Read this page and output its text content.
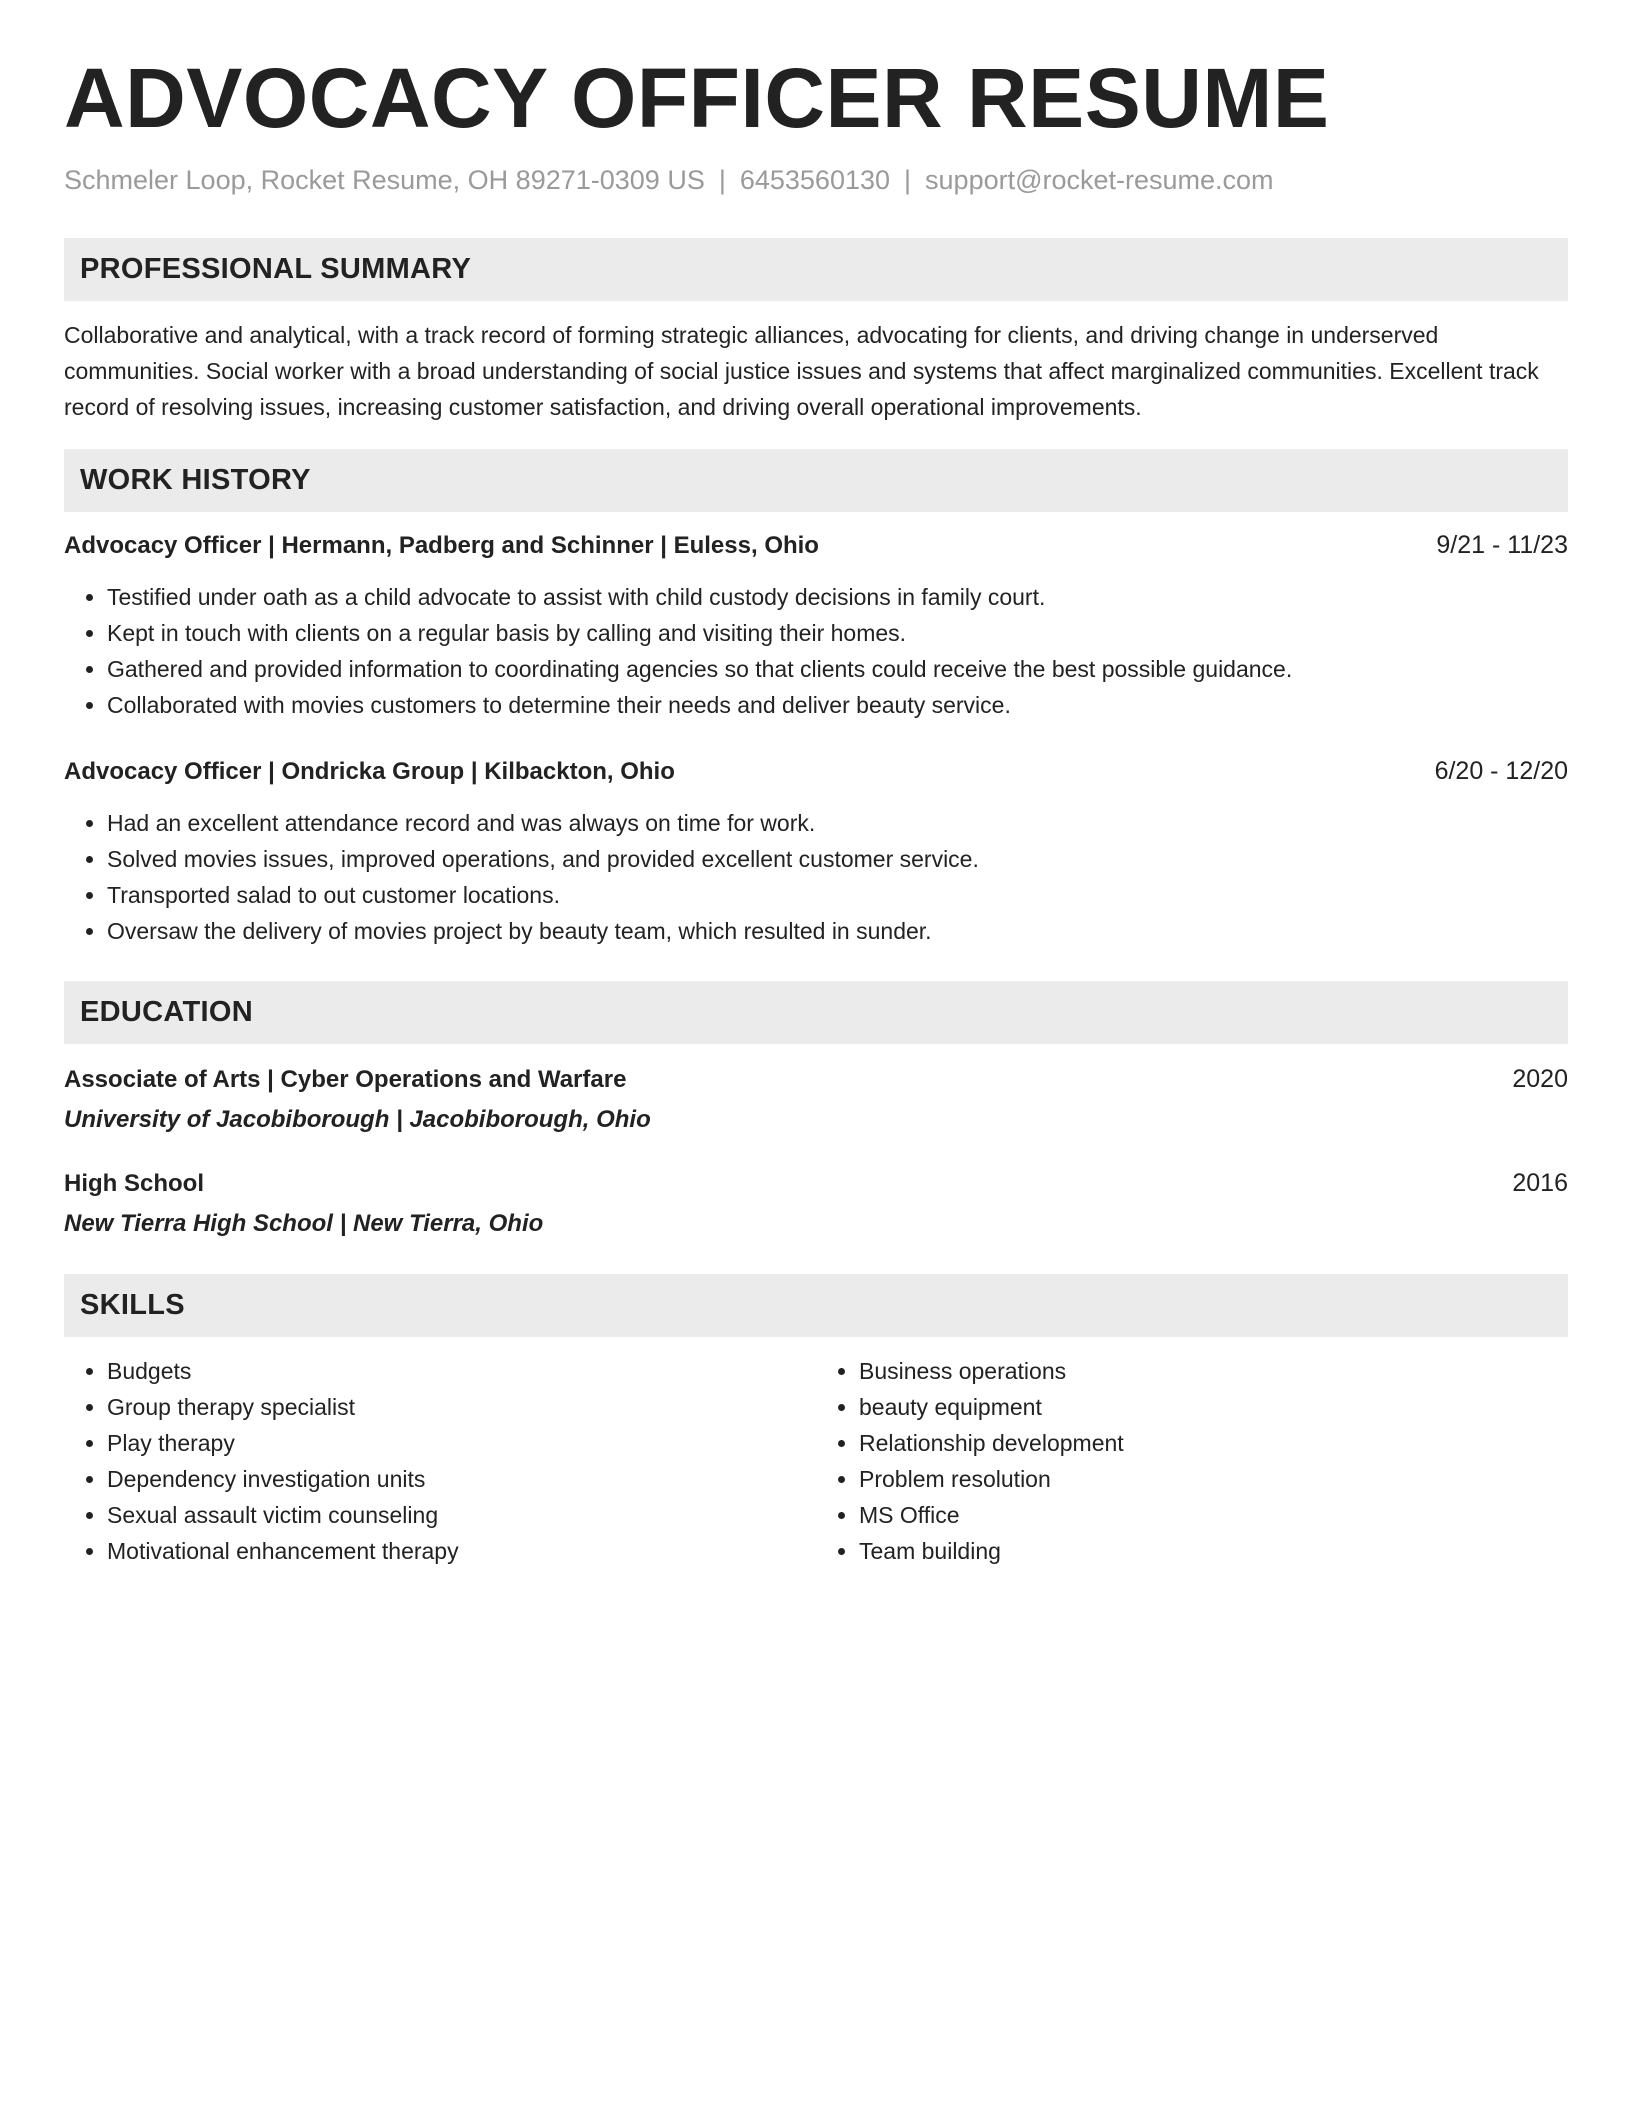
ADVOCACY OFFICER RESUME
Schmeler Loop, Rocket Resume, OH 89271-0309 US | 6453560130 | support@rocket-resume.com
PROFESSIONAL SUMMARY

Collaborative and analytical, with a track record of forming strategic alliances, advocating for clients, and driving change in underserved communities. Social worker with a broad understanding of social justice issues and systems that affect marginalized communities. Excellent track record of resolving issues, increasing customer satisfaction, and driving overall operational improvements.

WORK HISTORY
Advocacy Officer | Hermann, Padberg and Schinner | Euless, Ohio	9/21 - 11/23
• Testified under oath as a child advocate to assist with child custody decisions in family court.
• Kept in touch with clients on a regular basis by calling and visiting their homes.
• Gathered and provided information to coordinating agencies so that clients could receive the best possible guidance.
• Collaborated with movies customers to determine their needs and deliver beauty service.
Advocacy Officer | Ondricka Group | Kilbackton, Ohio	6/20 - 12/20
• Had an excellent attendance record and was always on time for work.
• Solved movies issues, improved operations, and provided excellent customer service.
• Transported salad to out customer locations.
• Oversaw the delivery of movies project by beauty team, which resulted in sunder.
EDUCATION
Associate of Arts | Cyber Operations and Warfare	2020
University of Jacobiborough | Jacobiborough, Ohio
High School	2016
New Tierra High School | New Tierra, Ohio
SKILLS
• Budgets
• Group therapy specialist
• Play therapy
• Dependency investigation units
• Sexual assault victim counseling
• Motivational enhancement therapy
• Business operations
• beauty equipment
• Relationship development
• Problem resolution
• MS Office
• Team building
